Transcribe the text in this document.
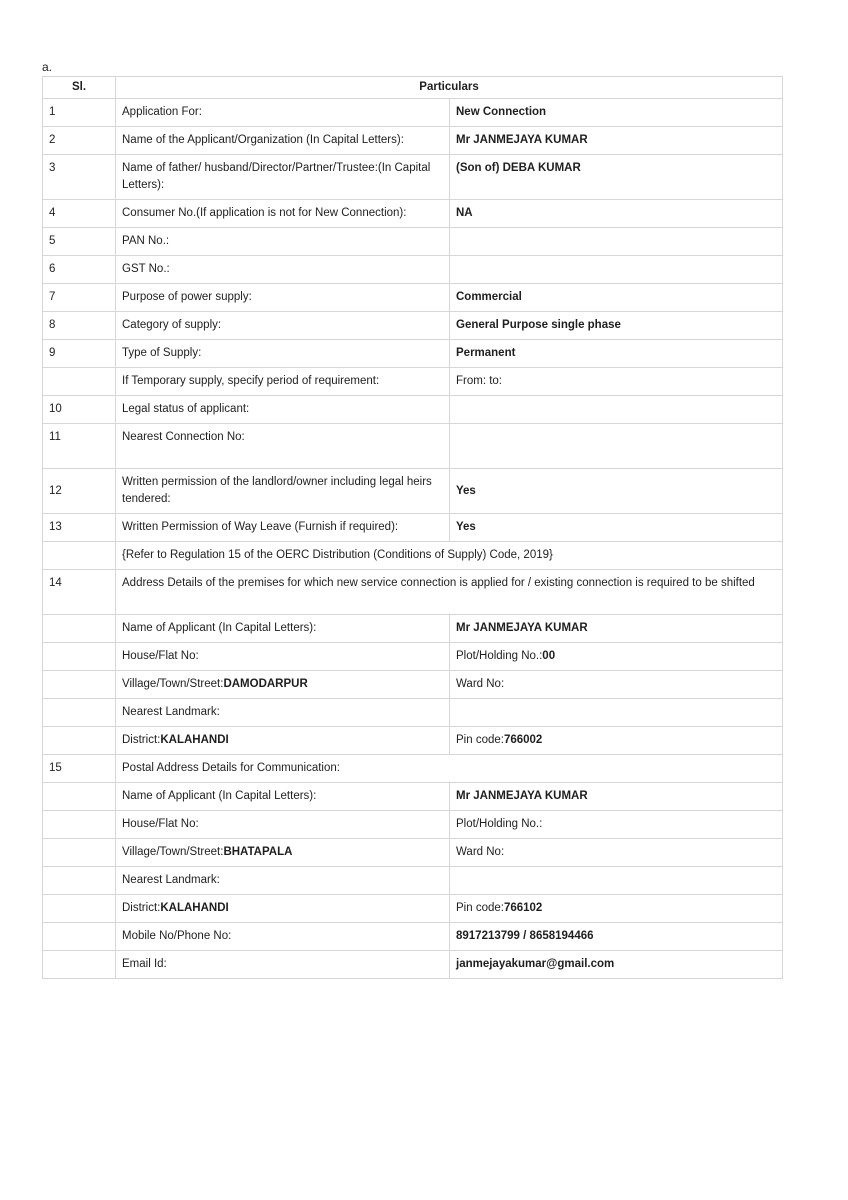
a.
Sl.	Particulars	
1	Application For:	New Connection
2	Name of the Applicant/Organization (In Capital Letters):	Mr JANMEJAYA KUMAR
3	Name of father/ husband/Director/Partner/Trustee:(In Capital Letters):	(Son of) DEBA KUMAR
4	Consumer No.(If application is not for New Connection):	NA
5	PAN No.:	
6	GST No.:	
7	Purpose of power supply:	Commercial
8	Category of supply:	General Purpose single phase
9	Type of Supply:	Permanent
	If Temporary supply, specify period of requirement:	From: to:
10	Legal status of applicant:	
11	Nearest Connection No:	
12	Written permission of the landlord/owner including legal heirs tendered:	Yes
13	Written Permission of Way Leave (Furnish if required):	Yes
	{Refer to Regulation 15 of the OERC Distribution (Conditions of Supply) Code, 2019}	
14	Address Details of the premises for which new service connection is applied for / existing connection is required to be shifted	
	Name of Applicant (In Capital Letters):	Mr JANMEJAYA KUMAR
	House/Flat No:	Plot/Holding No.:00
	Village/Town/Street:DAMODARPUR	Ward No:
	Nearest Landmark:	
	District:KALAHANDI	Pin code:766002
15	Postal Address Details for Communication:	
	Name of Applicant (In Capital Letters):	Mr JANMEJAYA KUMAR
	House/Flat No:	Plot/Holding No.:
	Village/Town/Street:BHATAPALA	Ward No:
	Nearest Landmark:	
	District:KALAHANDI	Pin code:766102
	Mobile No/Phone No:	8917213799 / 8658194466
	Email Id:	janmejayakumar@gmail.com
